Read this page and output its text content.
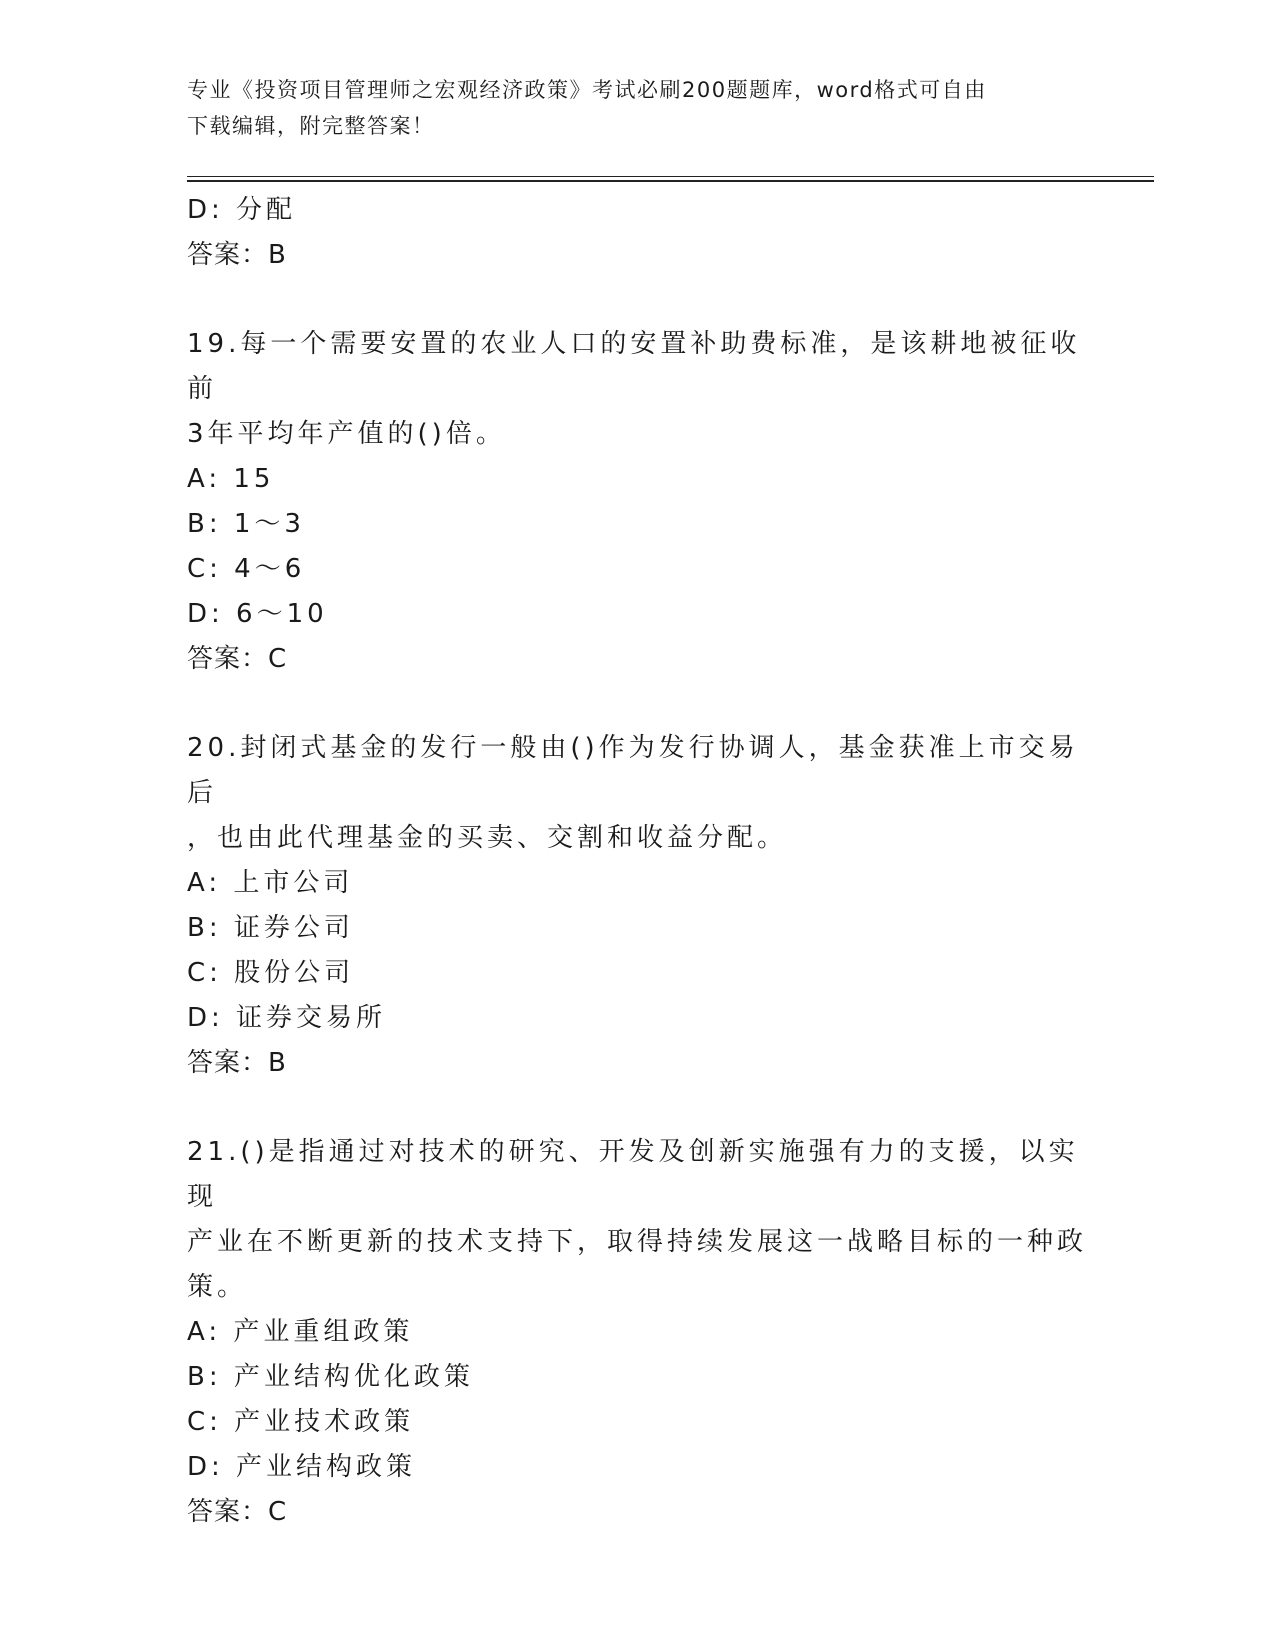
专业《投资项目管理师之宏观经济政策》考试必刷200题题库，word格式可自由
下载编辑，附完整答案！
D: 分配
答案：B
19.每一个需要安置的农业人口的安置补助费标准，是该耕地被征收前
3年平均年产值的()倍。
A: 15
B: 1～3
C: 4～6
D: 6～10
答案：C
20.封闭式基金的发行一般由()作为发行协调人，基金获准上市交易后
，也由此代理基金的买卖、交割和收益分配。
A: 上市公司
B: 证券公司
C: 股份公司
D: 证券交易所
答案：B
21.()是指通过对技术的研究、开发及创新实施强有力的支援，以实现
产业在不断更新的技术支持下，取得持续发展这一战略目标的一种政
策。
A: 产业重组政策
B: 产业结构优化政策
C: 产业技术政策
D: 产业结构政策
答案：C
